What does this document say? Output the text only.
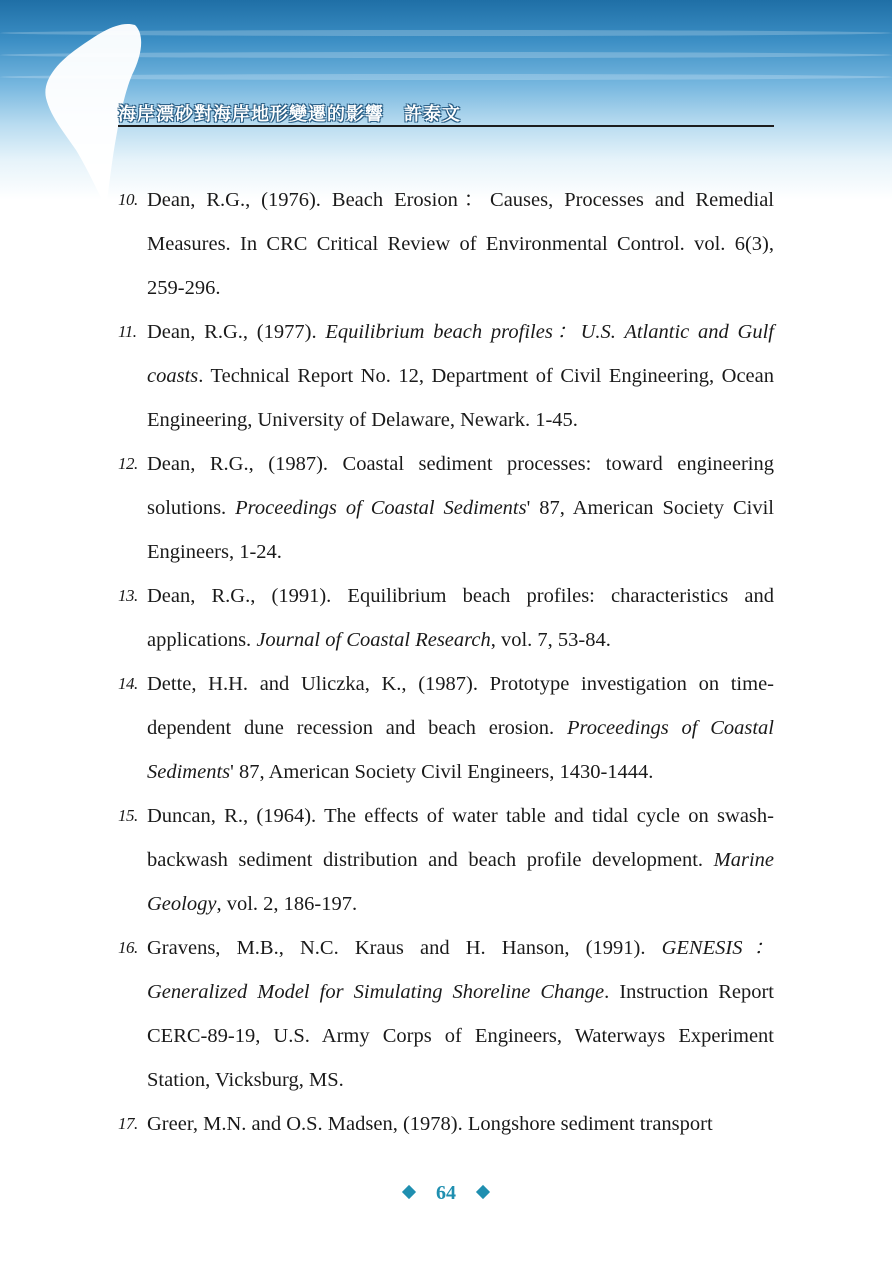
海岸漂砂對海岸地形變遷的影響 許泰文
10. Dean, R.G., (1976). Beach Erosion：Causes, Processes and Remedial Measures. In CRC Critical Review of Environmental Control. vol. 6(3), 259-296.
11. Dean, R.G., (1977). Equilibrium beach profiles：U.S. Atlantic and Gulf coasts. Technical Report No. 12, Department of Civil Engineering, Ocean Engineering, University of Delaware, Newark. 1-45.
12. Dean, R.G., (1987). Coastal sediment processes: toward engineering solutions. Proceedings of Coastal Sediments' 87, American Society Civil Engineers, 1-24.
13. Dean, R.G., (1991). Equilibrium beach profiles: characteristics and applications. Journal of Coastal Research, vol. 7, 53-84.
14. Dette, H.H. and Uliczka, K., (1987). Prototype investigation on time-dependent dune recession and beach erosion. Proceedings of Coastal Sediments' 87, American Society Civil Engineers, 1430-1444.
15. Duncan, R., (1964). The effects of water table and tidal cycle on swash-backwash sediment distribution and beach profile development. Marine Geology, vol. 2, 186-197.
16. Gravens, M.B., N.C. Kraus and H. Hanson, (1991). GENESIS： Generalized Model for Simulating Shoreline Change. Instruction Report CERC-89-19, U.S. Army Corps of Engineers, Waterways Experiment Station, Vicksburg, MS.
17. Greer, M.N. and O.S. Madsen, (1978). Longshore sediment transport
64
